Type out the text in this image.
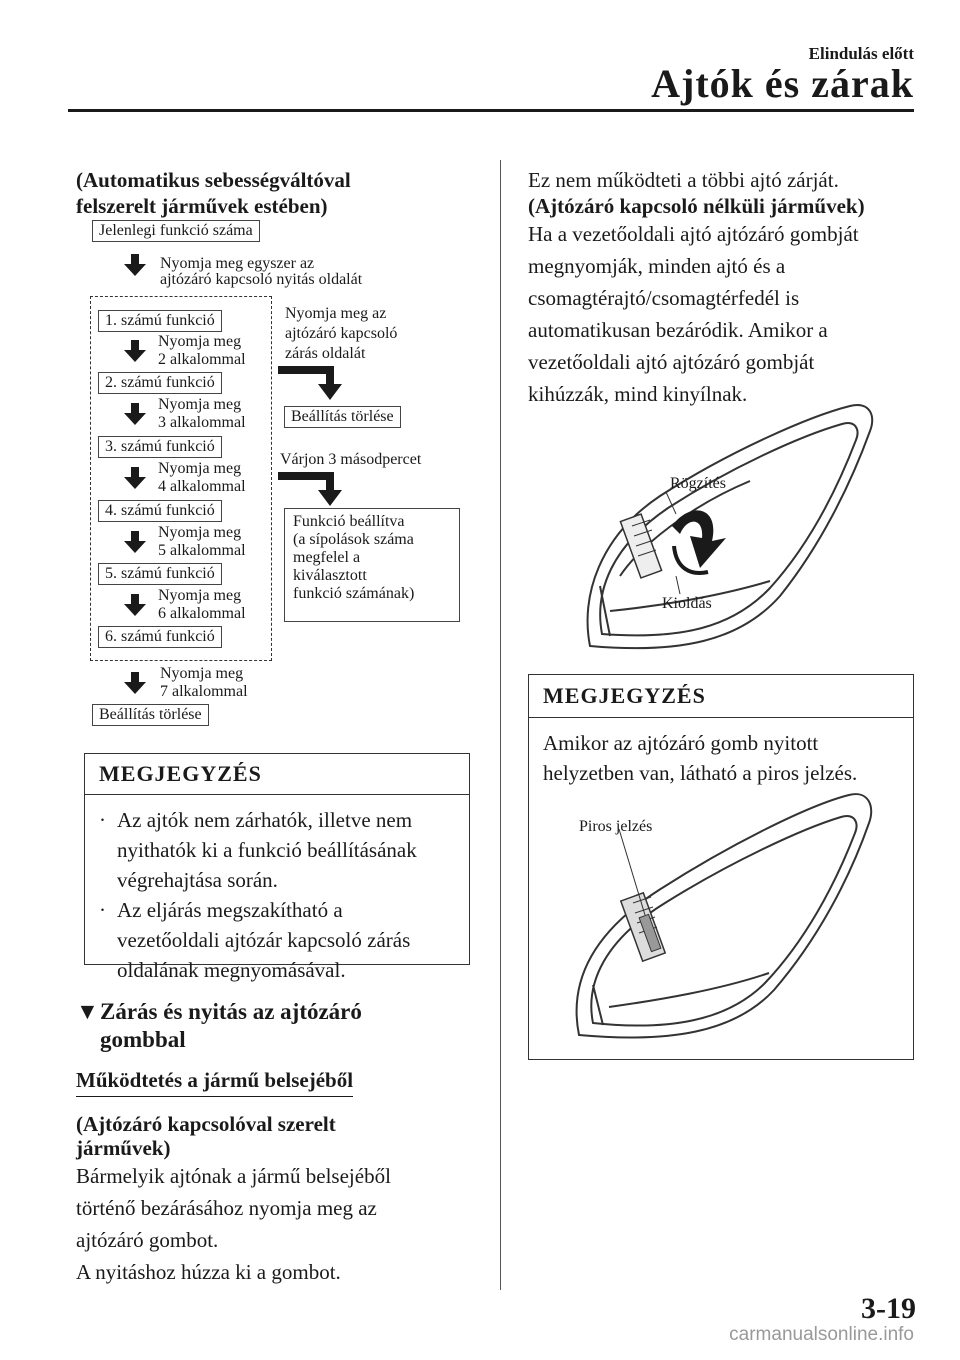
Elindulás előtt
Ajtók és zárak
(Automatikus sebességváltóval
felszerelt járművek estében)
Jelenlegi funkció száma
Nyomja meg egyszer az
ajtózáró kapcsoló nyitás oldalát
1. számú funkció
Nyomja meg
2 alkalommal
2. számú funkció
Nyomja meg
3 alkalommal
3. számú funkció
Nyomja meg
4 alkalommal
4. számú funkció
Nyomja meg
5 alkalommal
5. számú funkció
Nyomja meg
6 alkalommal
6. számú funkció
Nyomja meg
7 alkalommal
Beállítás törlése
Nyomja meg az
ajtózáró kapcsoló
zárás oldalát
Beállítás törlése
Várjon 3 másodpercet
Funkció beállítva
(a sípolások száma
megfelel a
kiválasztott
funkció számának)
MEGJEGYZÉS
· Az ajtók nem zárhatók, illetve nem
nyithatók ki a funkció beállításának
végrehajtása során.
· Az eljárás megszakítható a
vezetőoldali ajtózár kapcsoló zárás
oldalának megnyomásával.
▼Zárás és nyitás az ajtózáró
gombbal
Működtetés a jármű belsejéből
(Ajtózáró kapcsolóval szerelt
járművek)
Bármelyik ajtónak a jármű belsejéből
történő bezárásához nyomja meg az
ajtózáró gombot.
A nyitáshoz húzza ki a gombot.
Ez nem működteti a többi ajtó zárját.
(Ajtózáró kapcsoló nélküli járművek)
Ha a vezetőoldali ajtó ajtózáró gombját
megnyomják, minden ajtó és a
csomagtérajtó/csomagtérfedél is
automatikusan bezáródik. Amikor a
vezetőoldali ajtó ajtózáró gombját
kihúzzák, mind kinyílnak.
Rögzítés
Kioldás
MEGJEGYZÉS
Amikor az ajtózáró gomb nyitott
helyzetben van, látható a piros jelzés.
Piros jelzés
3-19
carmanualsonline.info
